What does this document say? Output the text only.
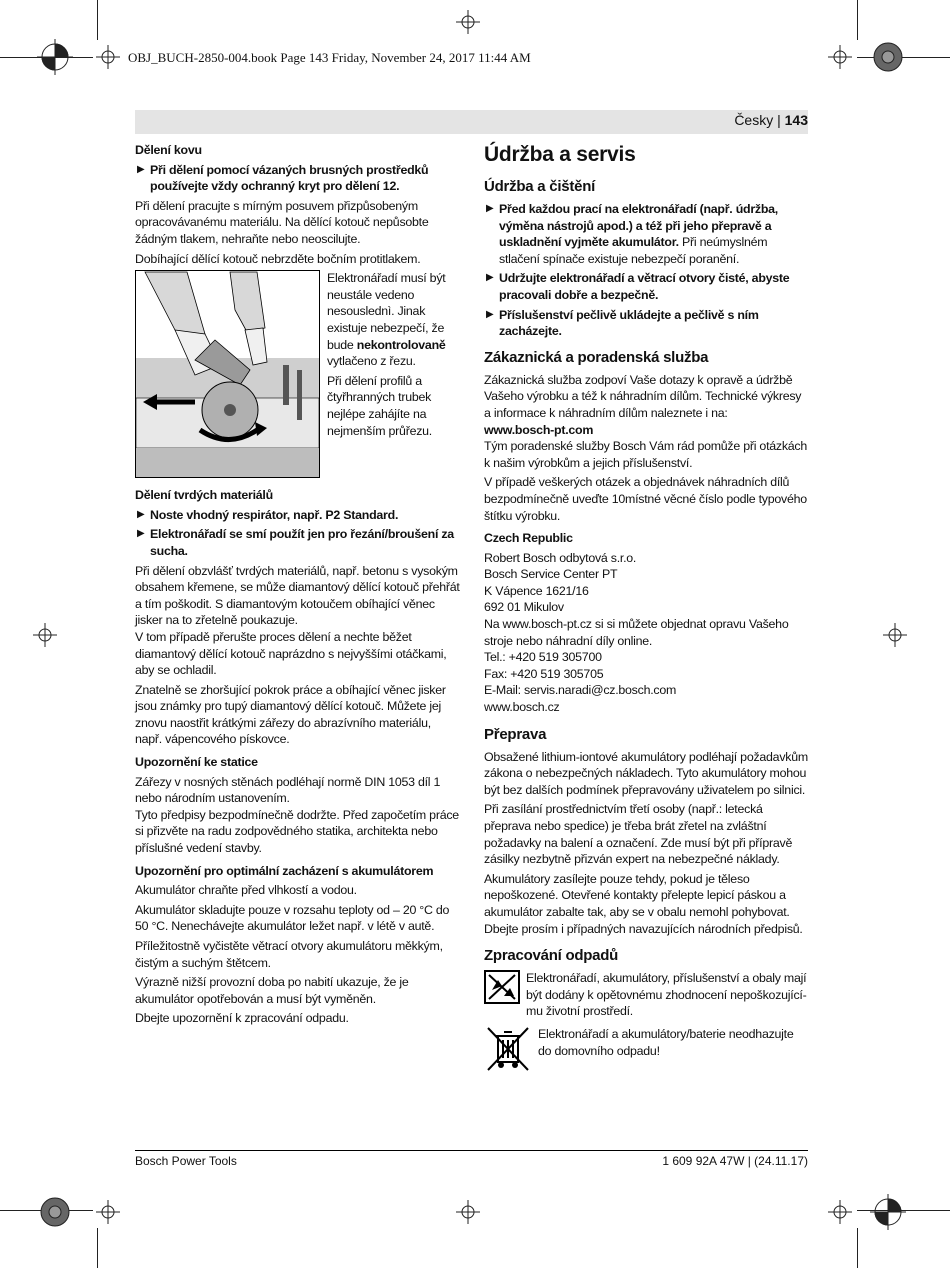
OBJ_BUCH-2850-004.book Page 143 Friday, November 24, 2017 11:44 AM
Česky | 143
Dělení kovu
▶ Při dělení pomocí vázaných brusných prostředků používejte vždy ochranný kryt pro dělení 12.

Při dělení pracujte s mírným posuvem přizpůsobeným opracovávanému materiálu. Na dělící kotouč nepůsobte žádným tlakem, nehraňte nebo neoscilujte.

Dobíhající dělící kotouč nebrzděte bočním protitlakem.

Elektronářadí musí být neustále vedeno nesouslednì. Jinak existuje nebezpečí, že bude nekontrolovaně vytlačeno z řezu.

Při dělení profilů a čtyřhranných trubek nejlépe zahájíte na nejmenším průřezu.

Dělení tvrdých materiálů
▶ Noste vhodný respirátor, např. P2 Standard.
▶ Elektronářadí se smí použít jen pro řezání/broušení za sucha.

Při dělení obzvlášť tvrdých materiálů, např. betonu s vysokým obsahem křemene, se může diamantový dělící kotouč přehřát a tím poškodit. S diamantovým kotoučem obíhající věnec jisker na to zřetelně poukazuje.

V tom případě přerušte proces dělení a nechte běžet diamantový dělící kotouč naprázdno s nejvyššími otáčkami, aby se ochladil.

Znatelně se zhoršující pokrok práce a obíhající věnec jisker jsou známky pro tupý diamantový dělící kotouč. Můžete jej znovu naostřit krátkými zářezy do abrazívního materiálu, např. vápencového pískovce.

Upozornění ke statice

Zářezy v nosných stěnách podléhají normě DIN 1053 díl 1 nebo národním ustanovením.

Tyto předpisy bezpodmínečně dodržte. Před započetím práce si přizvěte na radu zodpovědného statika, architekta nebo příslušné vedení stavby.

Upozornění pro optimální zacházení s akumulátorem

Akumulátor chraňte před vlhkostí a vodou.

Akumulátor skladujte pouze v rozsahu teploty od – 20 °C do 50 °C. Nenechávejte akumulátor ležet např. v létě v autě.

Příležitostně vyčistěte větrací otvory akumulátoru měkkým, čistým a suchým štětcem.

Výrazně nižší provozní doba po nabití ukazuje, že je akumulátor opotřebován a musí být vyměněn.

Dbejte upozornění k zpracování odpadu.

Údržba a servis
Údržba a čištění
▶ Před každou prací na elektronářadí (např. údržba, výměna nástrojů apod.) a též při jeho přepravě a uskladnění vyjměte akumulátor. Při neúmyslném stlačení spínače existuje nebezpečí poranění.
▶ Udržujte elektronářadí a větrací otvory čisté, abyste pracovali dobře a bezpečně.
▶ Příslušenství pečlivě ukládejte a pečlivě s ním zacházejte.
Zákaznická a poradenská služba

Zákaznická služba zodpoví Vaše dotazy k opravě a údržbě Vašeho výrobku a též k náhradním dílům. Technické výkresy a informace k náhradním dílům naleznete i na:

www.bosch-pt.com

Tým poradenské služby Bosch Vám rád pomůže při otázkách k našim výrobkům a jejich příslušenství.

V případě veškerých otázek a objednávek náhradních dílů bezpodmínečně uveďte 10místné věcné číslo podle typového štítku výrobku.

Czech Republic

Robert Bosch odbytová s.r.o.

Bosch Service Center PT

K Vápence 1621/16

692 01 Mikulov

Na www.bosch-pt.cz si si můžete objednat opravu Vašeho stroje nebo náhradní díly online.

Tel.: +420 519 305700

Fax: +420 519 305705

E-Mail: servis.naradi@cz.bosch.com

www.bosch.cz

Přeprava

Obsažené lithium-iontové akumulátory podléhají požadavkům zákona o nebezpečných nákladech. Tyto akumulátory mohou být bez dalších podmínek přepravovány uživatelem po silnici.

Při zasílání prostřednictvím třetí osoby (např.: letecká přeprava nebo spedice) je třeba brát zřetel na zvláštní požadavky na balení a označení. Zde musí být při přípravě zásilky nezbytně přizván expert na nebezpečné náklady.

Akumulátory zasílejte pouze tehdy, pokud je těleso nepoškozené. Otevřené kontakty přelepte lepicí páskou a akumulátor zabalte tak, aby se v obalu nemohl pohybovat.

Dbejte prosím i případných navazujících národních předpisů.

Zpracování odpadů
Elektronářadí, akumulátory, příslušenství a obaly mají být dodány k opětovnému zhodnocení nepoškozujícímu životní prostředí.
Elektronářadí a akumulátory/baterie neodhazujte do domovního odpadu!
Bosch Power Tools	1 609 92A 47W | (24.11.17)
